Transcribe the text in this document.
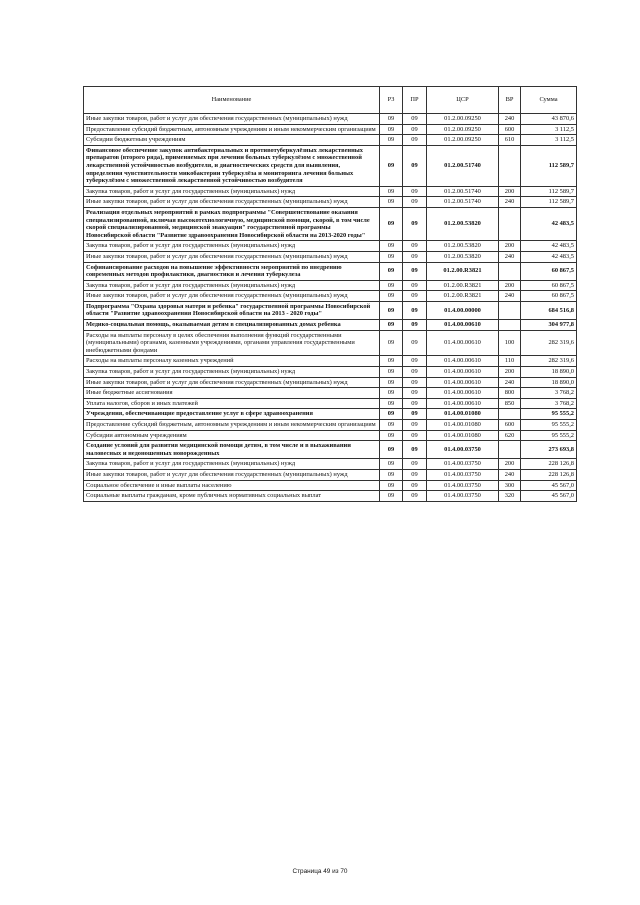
Наименование	РЗ	ПР	ЦСР	ВР	Сумма
Иные закупки товаров, работ и услуг для обеспечения государственных (муниципальных) нужд	09	09	01.2.00.09250	240	43 870,6
Предоставление субсидий бюджетным, автономным учреждениям и иным некоммерческим организациям	09	09	01.2.00.09250	600	3 112,5
Субсидии бюджетным учреждениям	09	09	01.2.00.09250	610	3 112,5
Финансовое обеспечение закупок антибактериальных и противотуберкулёзных лекарственных препаратов (второго ряда), применяемых при лечении больных туберкулёзом с множественной лекарственной устойчивостью возбудителя, и диагностических средств для выявления, определения чувствительности микобактерии туберкулёза и мониторинга лечения больных туберкулёзом с множественной лекарственной устойчивостью возбудителя	09	09	01.2.00.51740		112 589,7
Закупка товаров, работ и услуг для государственных (муниципальных) нужд	09	09	01.2.00.51740	200	112 589,7
Иные закупки товаров, работ и услуг для обеспечения государственных (муниципальных) нужд	09	09	01.2.00.51740	240	112 589,7
Реализация отдельных мероприятий в рамках подпрограммы "Совершенствование оказания специализированной, включая высокотехнологичную, медицинской помощи, скорой, в том числе скорой специализированной, медицинской эвакуации" государственной программы Новосибирской области "Развитие здравоохранения Новосибирской области на 2013-2020 годы"	09	09	01.2.00.53820		42 483,5
Закупка товаров, работ и услуг для государственных (муниципальных) нужд	09	09	01.2.00.53820	200	42 483,5
Иные закупки товаров, работ и услуг для обеспечения государственных (муниципальных) нужд	09	09	01.2.00.53820	240	42 483,5
Софинансирование расходов на повышение эффективности мероприятий по внедрению современных методов профилактики, диагностики и лечения туберкулеза	09	09	01.2.00.R3821		60 867,5
Закупка товаров, работ и услуг для государственных (муниципальных) нужд	09	09	01.2.00.R3821	200	60 867,5
Иные закупки товаров, работ и услуг для обеспечения государственных (муниципальных) нужд	09	09	01.2.00.R3821	240	60 867,5
Подпрограмма "Охрана здоровья матери и ребенка" государственной программы Новосибирской области "Развитие здравоохранения Новосибирской области на 2013 - 2020 годы"	09	09	01.4.00.00000		684 516,8
Медико-социальная помощь, оказываемая детям в специализированных домах ребенка	09	09	01.4.00.00610		304 977,8
Расходы на выплаты персоналу в целях обеспечения выполнения функций государственными (муниципальными) органами, казенными учреждениями, органами управления государственными внебюджетными фондами	09	09	01.4.00.00610	100	282 319,6
Расходы на выплаты персоналу казенных учреждений	09	09	01.4.00.00610	110	282 319,6
Закупка товаров, работ и услуг для государственных (муниципальных) нужд	09	09	01.4.00.00610	200	18 890,0
Иные закупки товаров, работ и услуг для обеспечения государственных (муниципальных) нужд	09	09	01.4.00.00610	240	18 890,0
Иные бюджетные ассигнования	09	09	01.4.00.00610	800	3 768,2
Уплата налогов, сборов и иных платежей	09	09	01.4.00.00610	850	3 768,2
Учреждения, обеспечивающие предоставление услуг в сфере здравоохранения	09	09	01.4.00.01080		95 555,2
Предоставление субсидий бюджетным, автономным учреждениям и иным некоммерческим организациям	09	09	01.4.00.01080	600	95 555,2
Субсидии автономным учреждениям	09	09	01.4.00.01080	620	95 555,2
Создание условий для развития медицинской помощи детям, в том числе и в выхаживании маловесных и недоношенных новорожденных	09	09	01.4.00.03750		273 693,8
Закупка товаров, работ и услуг для государственных (муниципальных) нужд	09	09	01.4.00.03750	200	228 126,8
Иные закупки товаров, работ и услуг для обеспечения государственных (муниципальных) нужд	09	09	01.4.00.03750	240	228 126,8
Социальное обеспечение и иные выплаты населению	09	09	01.4.00.03750	300	45 567,0
Социальные выплаты гражданам, кроме публичных нормативных социальных выплат	09	09	01.4.00.03750	320	45 567,0
Страница 49 из 70
